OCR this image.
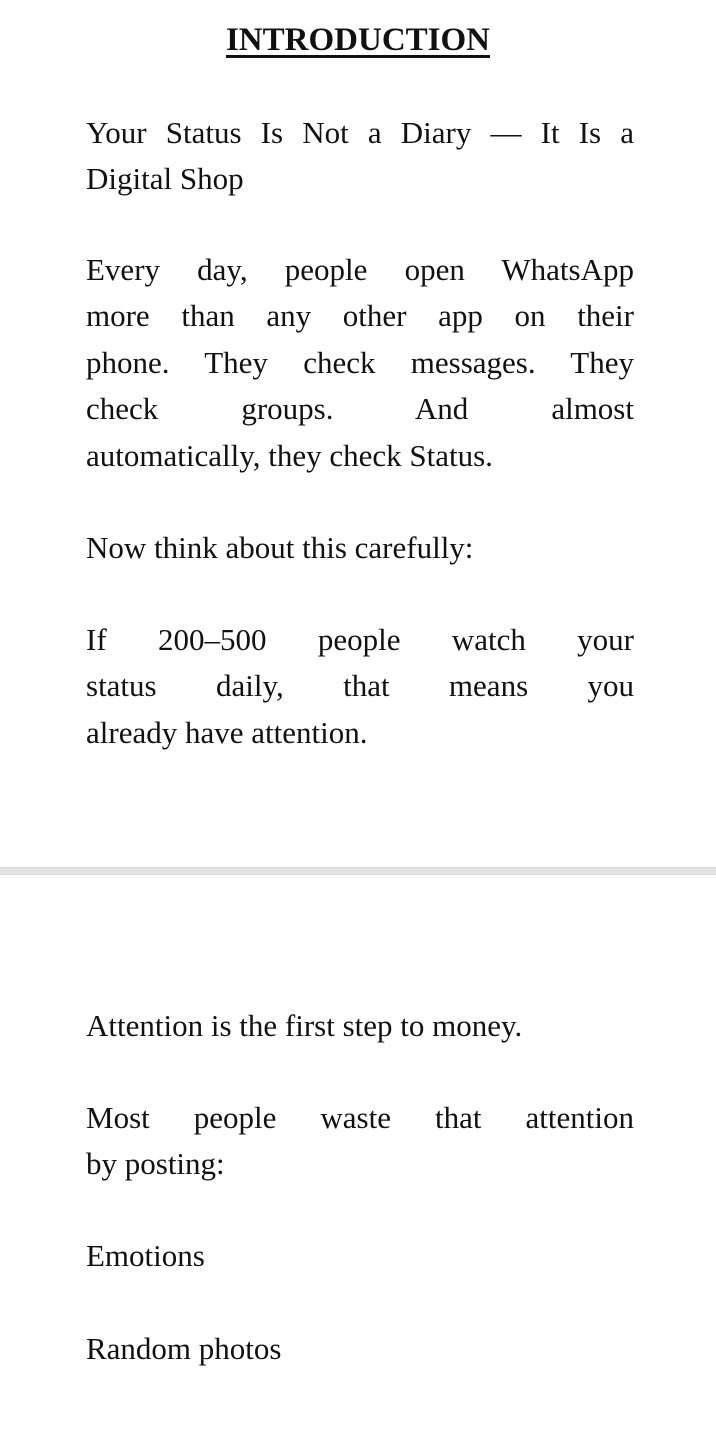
INTRODUCTION
Your Status Is Not a Diary — It Is a
Digital Shop
Every day, people open WhatsApp
more than any other app on their
phone. They check messages. They
check groups. And almost
automatically, they check Status.
Now think about this carefully:
If 200–500 people watch your
status daily, that means you
already have attention.
Attention is the first step to money.
Most people waste that attention
by posting:
Emotions
Random photos
